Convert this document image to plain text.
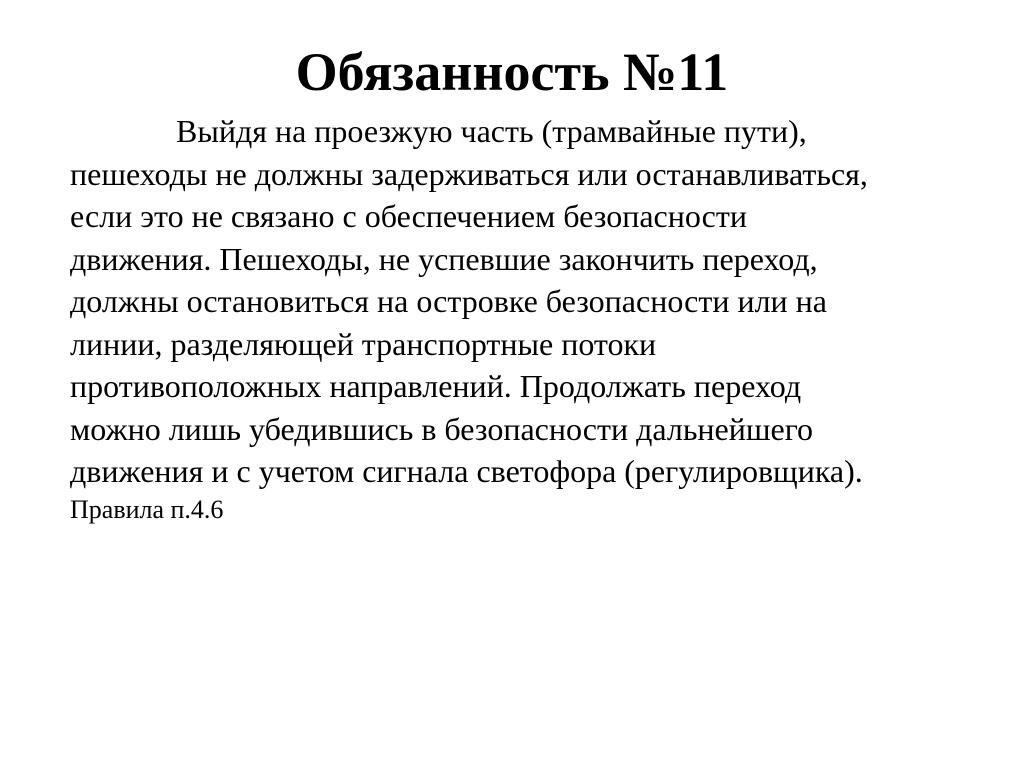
Обязанность №11
Выйдя на проезжую часть (трамвайные пути),
пешеходы не должны задерживаться или останавливаться,
если это не связано с обеспечением безопасности
движения. Пешеходы, не успевшие закончить переход,
должны остановиться на островке безопасности или на
линии, разделяющей транспортные потоки
противоположных направлений. Продолжать переход
можно лишь убедившись в безопасности дальнейшего
движения и с учетом сигнала светофора (регулировщика).
Правила п.4.6
